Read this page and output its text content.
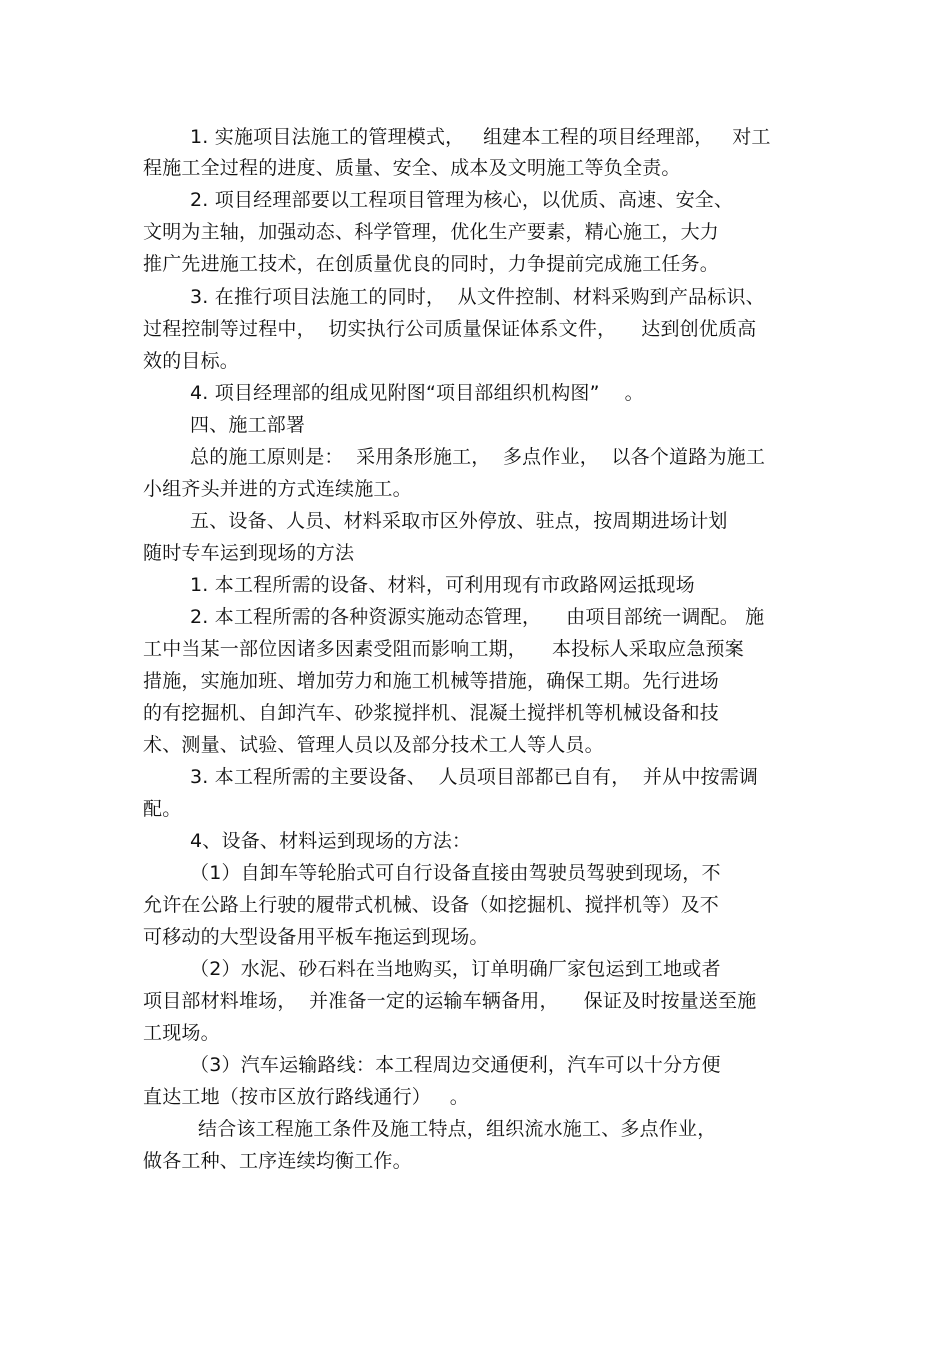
1. 实施项目法施工的管理模式，   组建本工程的项目经理部，   对工
程施工全过程的进度、质量、安全、成本及文明施工等负全责。
2. 项目经理部要以工程项目管理为核心，以优质、高速、安全、
文明为主轴，加强动态、科学管理，优化生产要素，精心施工，大力
推广先进施工技术，在创质量优良的同时，力争提前完成施工任务。
3. 在推行项目法施工的同时，  从文件控制、材料采购到产品标识、
过程控制等过程中，  切实执行公司质量保证体系文件，    达到创优质高
效的目标。
4. 项目经理部的组成见附图“项目部组织机构图”    。
四、施工部署
总的施工原则是：  采用条形施工，  多点作业，  以各个道路为施工
小组齐头并进的方式连续施工。
五、设备、人员、材料采取市区外停放、驻点，按周期进场计划
随时专车运到现场的方法
1. 本工程所需的设备、材料，可利用现有市政路网运抵现场
2. 本工程所需的各种资源实施动态管理，    由项目部统一调配。 施
工中当某一部位因诸多因素受阻而影响工期，    本投标人采取应急预案
措施，实施加班、增加劳力和施工机械等措施，确保工期。先行进场
的有挖掘机、自卸汽车、砂浆搅拌机、混凝土搅拌机等机械设备和技
术、测量、试验、管理人员以及部分技术工人等人员。
3. 本工程所需的主要设备、  人员项目部都已自有，  并从中按需调
配。
4、设备、材料运到现场的方法：
（1）自卸车等轮胎式可自行设备直接由驾驶员驾驶到现场，不
允许在公路上行驶的履带式机械、设备（如挖掘机、搅拌机等）及不
可移动的大型设备用平板车拖运到现场。
（2）水泥、砂石料在当地购买，订单明确厂家包运到工地或者
项目部材料堆场，  并准备一定的运输车辆备用，    保证及时按量送至施
工现场。
（3）汽车运输路线：本工程周边交通便利，汽车可以十分方便
直达工地（按市区放行路线通行）   。
结合该工程施工条件及施工特点，组织流水施工、多点作业，
做各工种、工序连续均衡工作。
